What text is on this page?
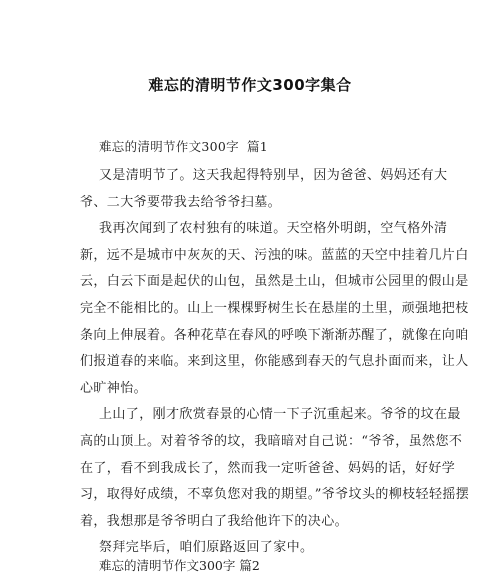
难忘的清明节作文300字集合
难忘的清明节作文300字 篇1

又是清明节了。这天我起得特别早，因为爸爸、妈妈还有大
爷、二大爷要带我去给爷爷扫墓。

我再次闻到了农村独有的味道。天空格外明朗，空气格外清
新，远不是城市中灰灰的天、污浊的味。蓝蓝的天空中挂着几片白
云，白云下面是起伏的山包，虽然是土山，但城市公园里的假山是
完全不能相比的。山上一棵棵野树生长在悬崖的土里，顽强地把枝
条向上伸展着。各种花草在春风的呼唤下渐渐苏醒了，就像在向咱
们报道春的来临。来到这里，你能感到春天的气息扑面而来，让人
心旷神怡。

上山了，刚才欣赏春景的心情一下子沉重起来。爷爷的坟在最
高的山顶上。对着爷爷的坟，我暗暗对自己说：“爷爷，虽然您不
在了，看不到我成长了，然而我一定听爸爸、妈妈的话，好好学
习，取得好成绩，不辜负您对我的期望。”爷爷坟头的柳枝轻轻摇摆
着，我想那是爷爷明白了我给他许下的决心。

祭拜完毕后，咱们原路返回了家中。

难忘的清明节作文300字 篇2
